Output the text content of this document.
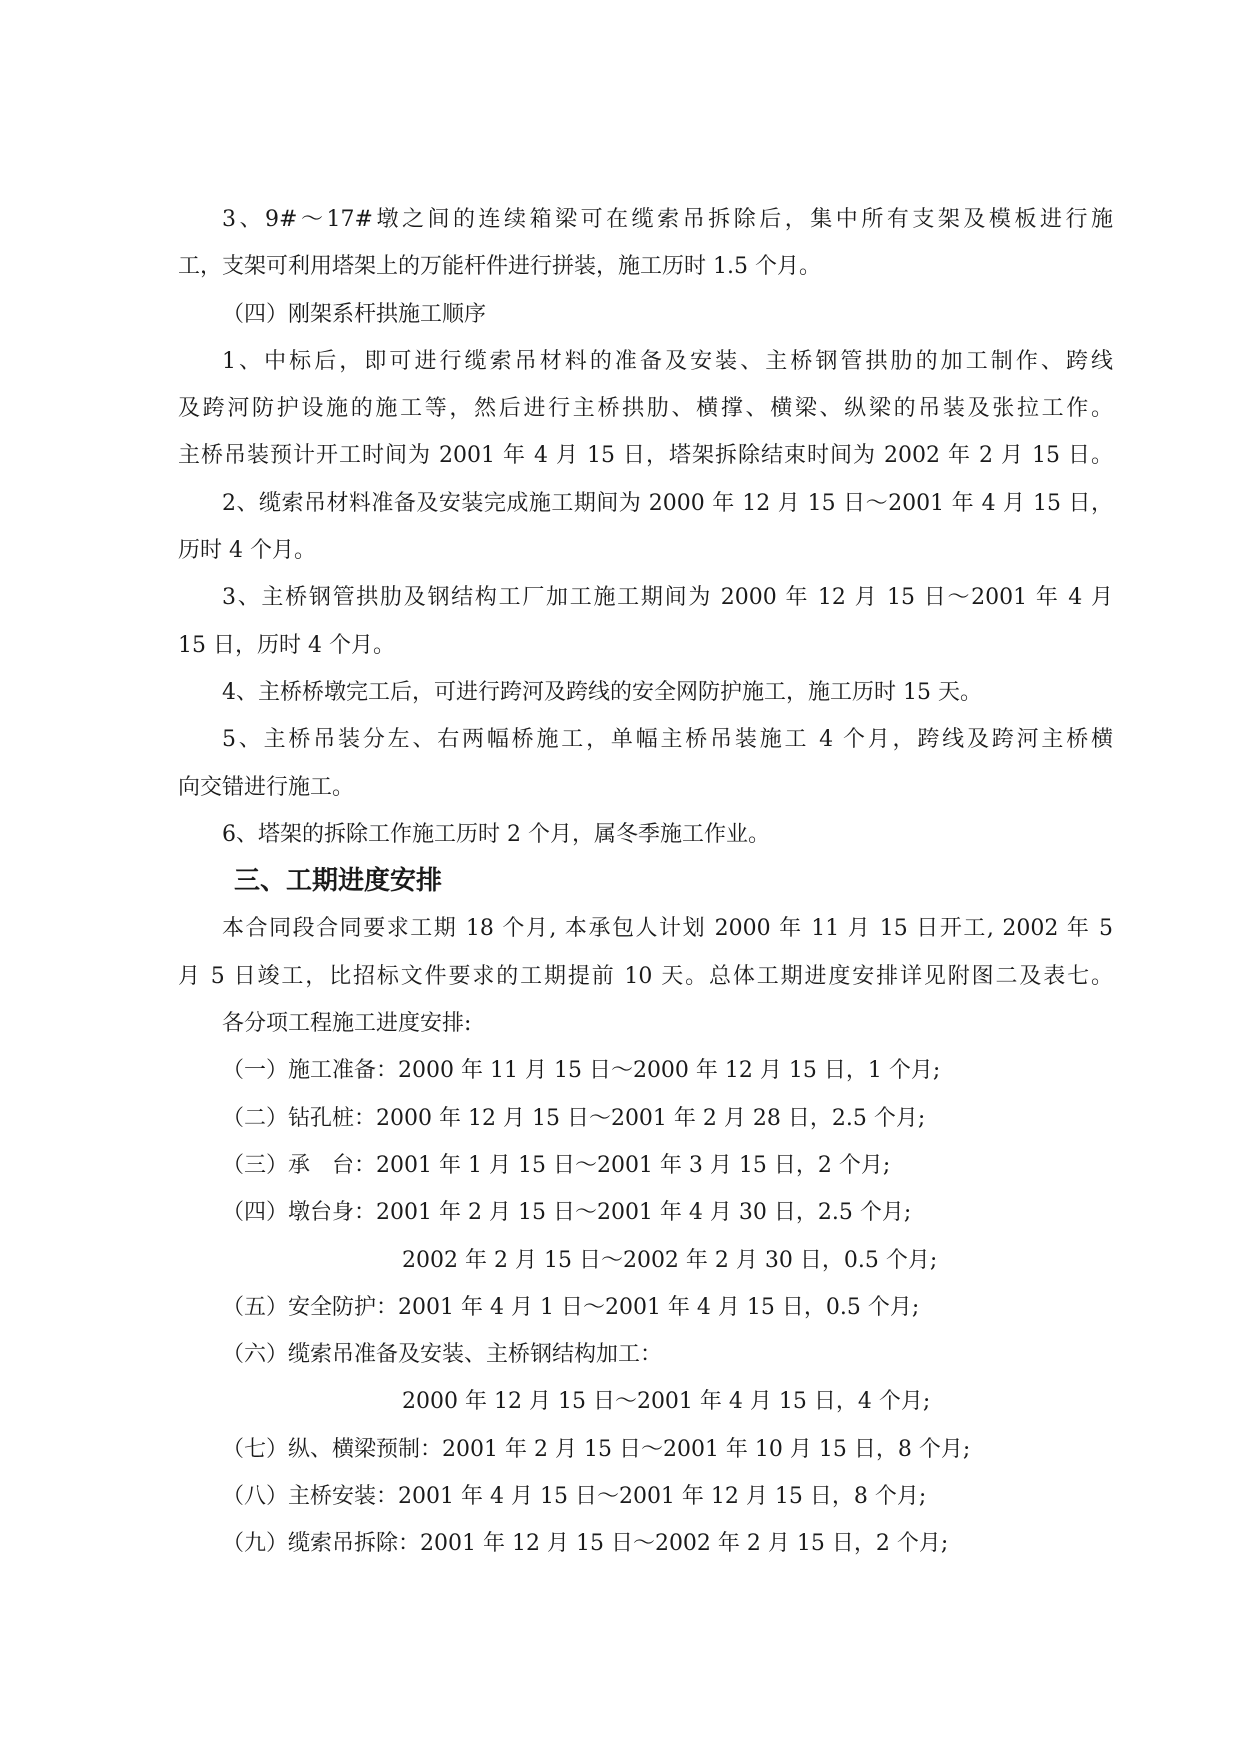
3、9#～17#墩之间的连续箱梁可在缆索吊拆除后，集中所有支架及模板进行施
工，支架可利用塔架上的万能杆件进行拼装，施工历时 1.5 个月。
（四）刚架系杆拱施工顺序
1、中标后，即可进行缆索吊材料的准备及安装、主桥钢管拱肋的加工制作、跨线
及跨河防护设施的施工等，然后进行主桥拱肋、横撑、横梁、纵梁的吊装及张拉工作。
主桥吊装预计开工时间为 2001 年 4 月 15 日，塔架拆除结束时间为 2002 年 2 月 15 日。
2、缆索吊材料准备及安装完成施工期间为 2000 年 12 月 15 日～2001 年 4 月 15 日，
历时 4 个月。
3、主桥钢管拱肋及钢结构工厂加工施工期间为 2000 年 12 月 15 日～2001 年 4 月
15 日，历时 4 个月。
4、主桥桥墩完工后，可进行跨河及跨线的安全网防护施工，施工历时 15 天。
5、主桥吊装分左、右两幅桥施工，单幅主桥吊装施工 4 个月，跨线及跨河主桥横
向交错进行施工。
6、塔架的拆除工作施工历时 2 个月，属冬季施工作业。
三、工期进度安排
本合同段合同要求工期 18 个月, 本承包人计划 2000 年 11 月 15 日开工, 2002 年 5
月 5 日竣工，比招标文件要求的工期提前 10 天。总体工期进度安排详见附图二及表七。
各分项工程施工进度安排:
（一）施工准备：2000 年 11 月 15 日～2000 年 12 月 15 日，1 个月;
（二）钻孔桩：2000 年 12 月 15 日～2001 年 2 月 28 日，2.5 个月;
（三）承　台：2001 年 1 月 15 日～2001 年 3 月 15 日，2 个月;
（四）墩台身：2001 年 2 月 15 日～2001 年 4 月 30 日，2.5 个月;
2002 年 2 月 15 日～2002 年 2 月 30 日，0.5 个月;
（五）安全防护：2001 年 4 月 1 日～2001 年 4 月 15 日，0.5 个月;
（六）缆索吊准备及安装、主桥钢结构加工：
2000 年 12 月 15 日～2001 年 4 月 15 日，4 个月;
（七）纵、横梁预制：2001 年 2 月 15 日～2001 年 10 月 15 日，8 个月;
（八）主桥安装：2001 年 4 月 15 日～2001 年 12 月 15 日，8 个月;
（九）缆索吊拆除：2001 年 12 月 15 日～2002 年 2 月 15 日，2 个月;
